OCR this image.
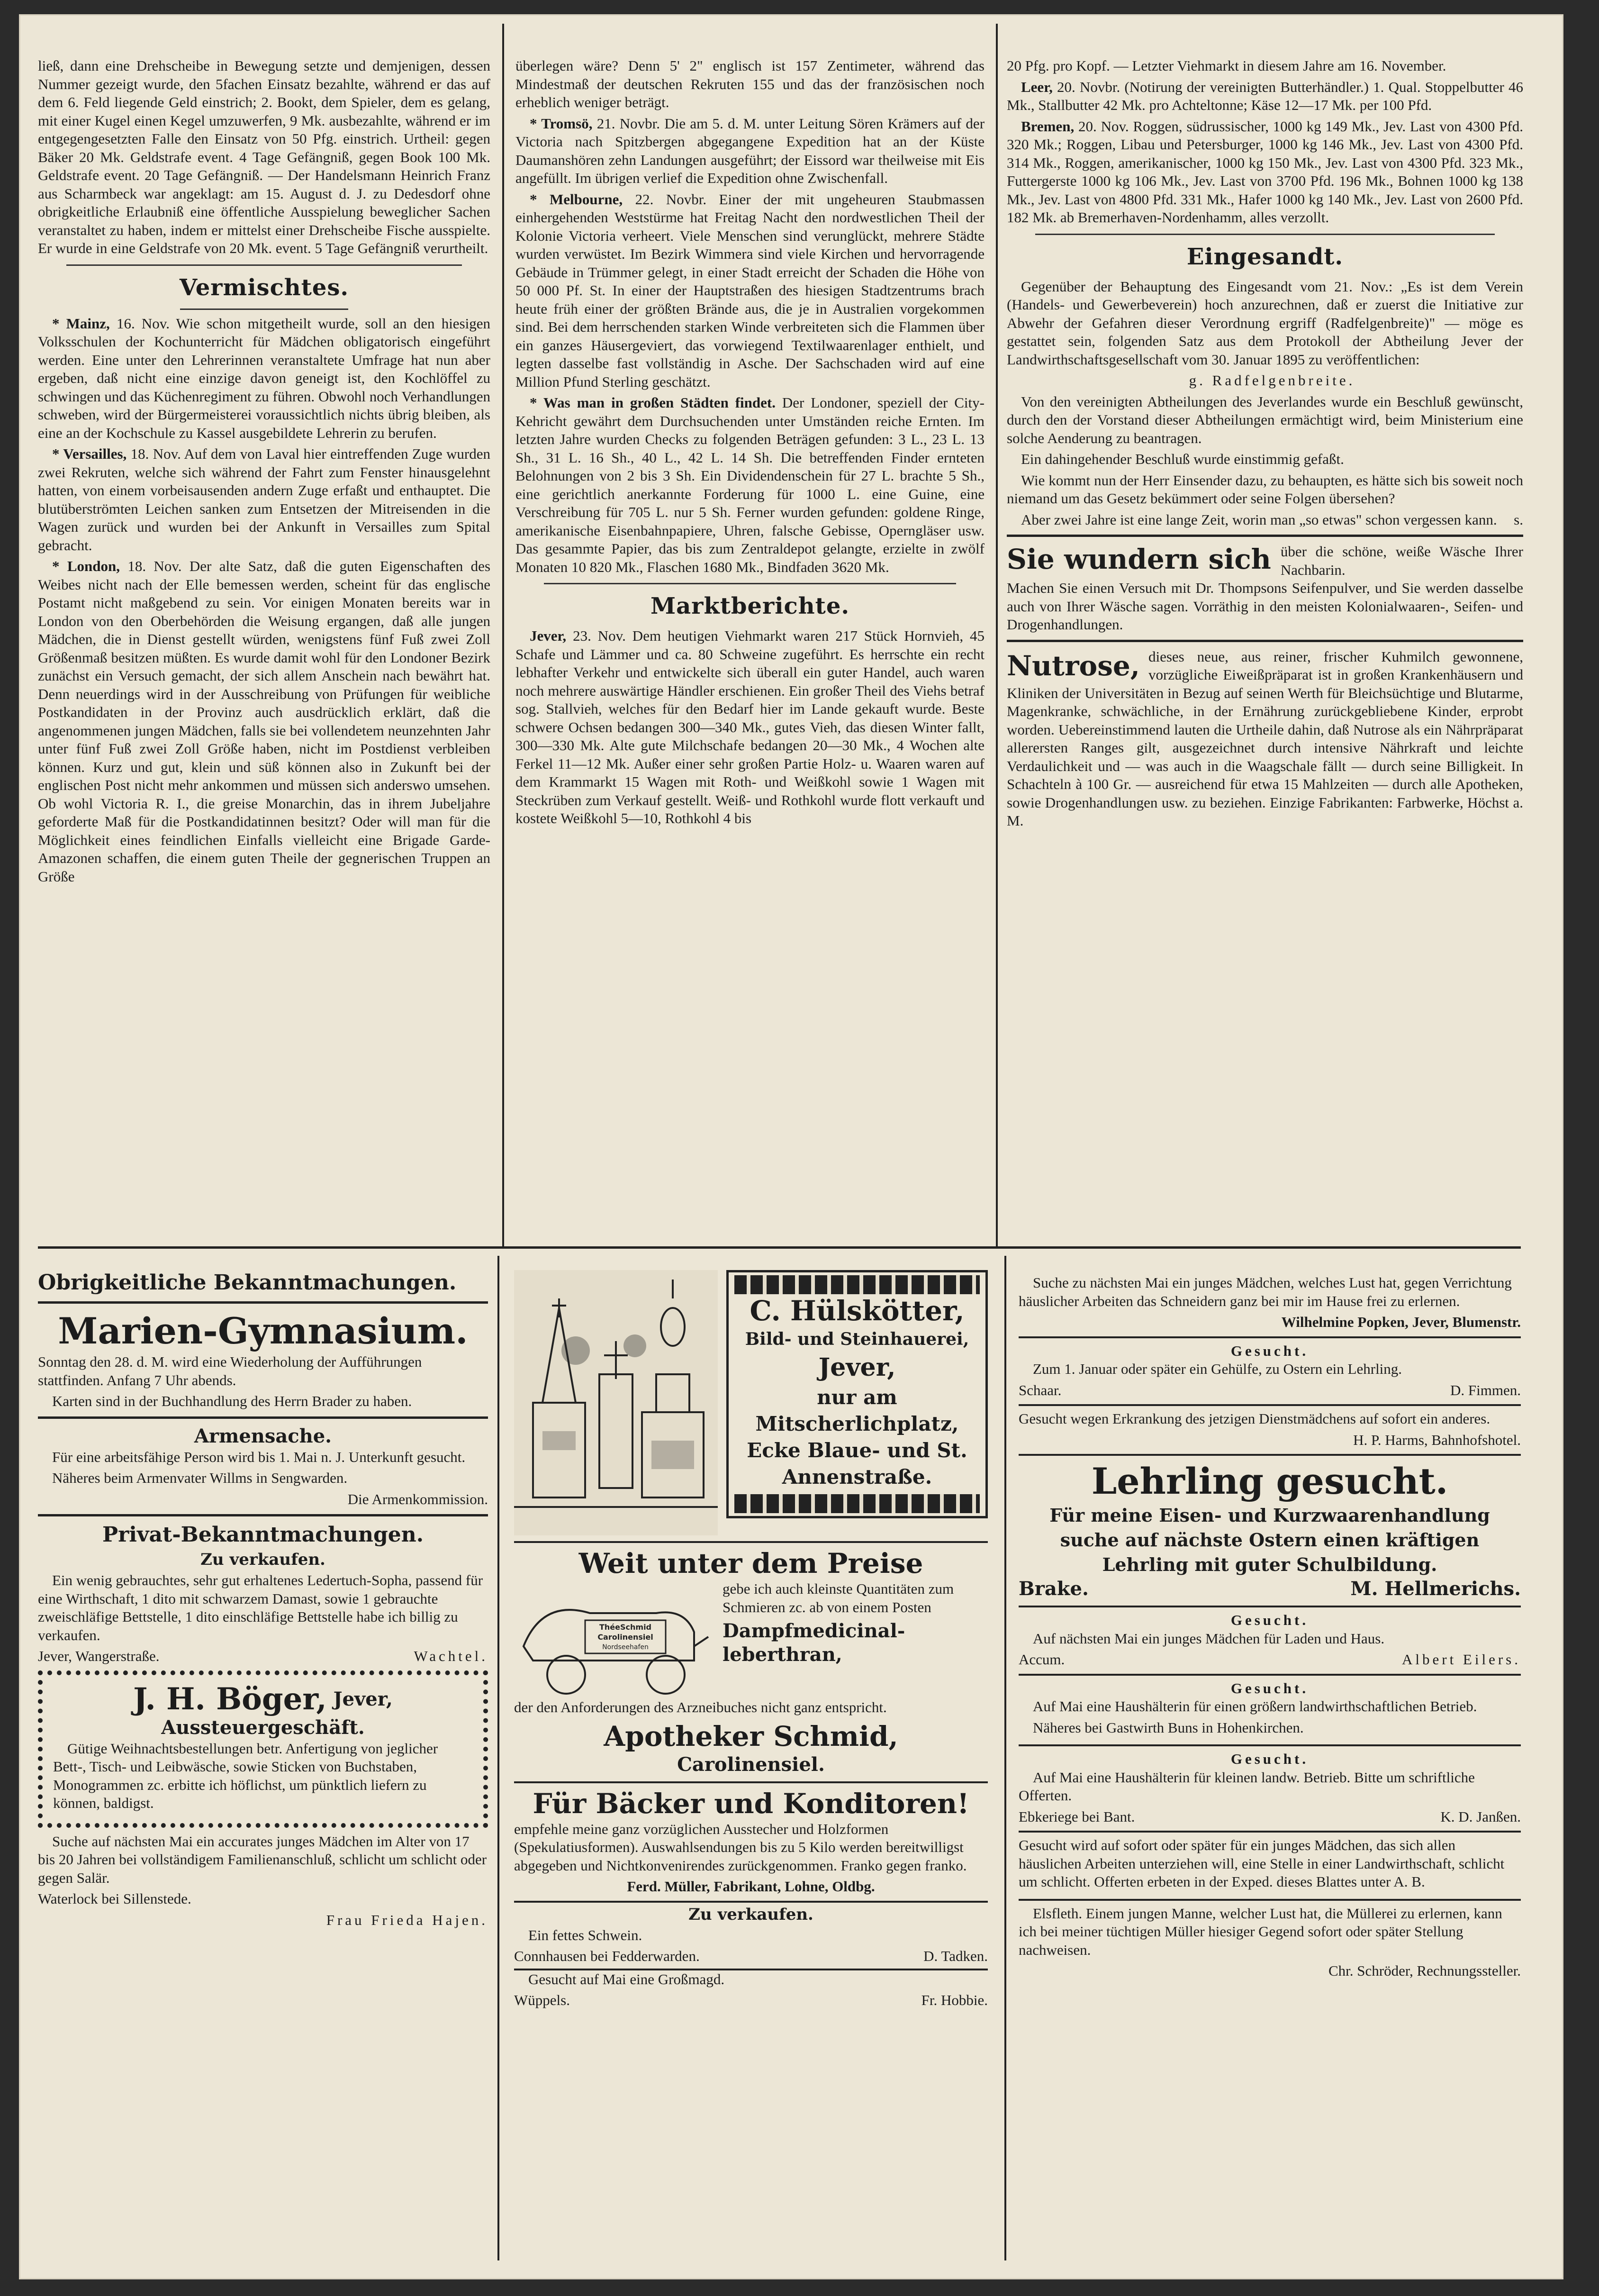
ließ, dann eine Drehscheibe in Bewegung setzte und demjenigen, dessen Nummer gezeigt wurde, den 5fachen Einsatz bezahlte, während er das auf dem 6. Feld liegende Geld einstrich; 2. Bookt, dem Spieler, dem es gelang, mit einer Kugel einen Kegel umzuwerfen, 9 Mk. ausbezahlte, während er im entgegengesetzten Falle den Einsatz von 50 Pfg. einstrich. Urtheil: gegen Bäker 20 Mk. Geldstrafe event. 4 Tage Gefängniß, gegen Book 100 Mk. Geldstrafe event. 20 Tage Gefängniß. — Der Handelsmann Heinrich Franz aus Scharmbeck war angeklagt: am 15. August d. J. zu Dedesdorf ohne obrigkeitliche Erlaubniß eine öffentliche Ausspielung beweglicher Sachen veranstaltet zu haben, indem er mittelst einer Drehscheibe Fische ausspielte. Er wurde in eine Geldstrafe von 20 Mk. event. 5 Tage Gefängniß verurtheilt.

Vermischtes.

* Mainz, 16. Nov. Wie schon mitgetheilt wurde, soll an den hiesigen Volksschulen der Kochunterricht für Mädchen obligatorisch eingeführt werden. Eine unter den Lehrerinnen veranstaltete Umfrage hat nun aber ergeben, daß nicht eine einzige davon geneigt ist, den Kochlöffel zu schwingen und das Küchenregiment zu führen. Obwohl noch Verhandlungen schweben, wird der Bürgermeisterei voraussichtlich nichts übrig bleiben, als eine an der Kochschule zu Kassel ausgebildete Lehrerin zu berufen.

* Versailles, 18. Nov. Auf dem von Laval hier eintreffenden Zuge wurden zwei Rekruten, welche sich während der Fahrt zum Fenster hinausgelehnt hatten, von einem vorbeisausenden andern Zuge erfaßt und enthauptet. Die blutüberströmten Leichen sanken zum Entsetzen der Mitreisenden in die Wagen zurück und wurden bei der Ankunft in Versailles zum Spital gebracht.

* London, 18. Nov. Der alte Satz, daß die guten Eigenschaften des Weibes nicht nach der Elle bemessen werden, scheint für das englische Postamt nicht maßgebend zu sein. Vor einigen Monaten bereits war in London von den Oberbehörden die Weisung ergangen, daß alle jungen Mädchen, die in Dienst gestellt würden, wenigstens fünf Fuß zwei Zoll Größenmaß besitzen müßten. Es wurde damit wohl für den Londoner Bezirk zunächst ein Versuch gemacht, der sich allem Anschein nach bewährt hat. Denn neuerdings wird in der Ausschreibung von Prüfungen für weibliche Postkandidaten in der Provinz auch ausdrücklich erklärt, daß die angenommenen jungen Mädchen, falls sie bei vollendetem neunzehnten Jahr unter fünf Fuß zwei Zoll Größe haben, nicht im Postdienst verbleiben können. Kurz und gut, klein und süß können also in Zukunft bei der englischen Post nicht mehr ankommen und müssen sich anderswo umsehen. Ob wohl Victoria R. I., die greise Monarchin, das in ihrem Jubeljahre geforderte Maß für die Postkandidatinnen besitzt? Oder will man für die Möglichkeit eines feindlichen Einfalls vielleicht eine Brigade Garde-Amazonen schaffen, die einem guten Theile der gegnerischen Truppen an Größe

überlegen wäre? Denn 5' 2" englisch ist 157 Zentimeter, während das Mindestmaß der deutschen Rekruten 155 und das der französischen noch erheblich weniger beträgt.

* Tromsö, 21. Novbr. Die am 5. d. M. unter Leitung Sören Krämers auf der Victoria nach Spitzbergen abgegangene Expedition hat an der Küste Daumanshören zehn Landungen ausgeführt; der Eissord war theilweise mit Eis angefüllt. Im übrigen verlief die Expedition ohne Zwischenfall.

* Melbourne, 22. Novbr. Einer der mit ungeheuren Staubmassen einhergehenden Weststürme hat Freitag Nacht den nordwestlichen Theil der Kolonie Victoria verheert. Viele Menschen sind verunglückt, mehrere Städte wurden verwüstet. Im Bezirk Wimmera sind viele Kirchen und hervorragende Gebäude in Trümmer gelegt, in einer Stadt erreicht der Schaden die Höhe von 50 000 Pf. St. In einer der Hauptstraßen des hiesigen Stadtzentrums brach heute früh einer der größten Brände aus, die je in Australien vorgekommen sind. Bei dem herrschenden starken Winde verbreiteten sich die Flammen über ein ganzes Häusergeviert, das vorwiegend Textilwaarenlager enthielt, und legten dasselbe fast vollständig in Asche. Der Sachschaden wird auf eine Million Pfund Sterling geschätzt.

* Was man in großen Städten findet. Der Londoner, speziell der City-Kehricht gewährt dem Durchsuchenden unter Umständen reiche Ernten. Im letzten Jahre wurden Checks zu folgenden Beträgen gefunden: 3 L., 23 L. 13 Sh., 31 L. 16 Sh., 40 L., 42 L. 14 Sh. Die betreffenden Finder ernteten Belohnungen von 2 bis 3 Sh. Ein Dividendenschein für 27 L. brachte 5 Sh., eine gerichtlich anerkannte Forderung für 1000 L. eine Guine, eine Verschreibung für 705 L. nur 5 Sh. Ferner wurden gefunden: goldene Ringe, amerikanische Eisenbahnpapiere, Uhren, falsche Gebisse, Operngläser usw. Das gesammte Papier, das bis zum Zentraldepot gelangte, erzielte in zwölf Monaten 10 820 Mk., Flaschen 1680 Mk., Bindfaden 3620 Mk.

Marktberichte.

Jever, 23. Nov. Dem heutigen Viehmarkt waren 217 Stück Hornvieh, 45 Schafe und Lämmer und ca. 80 Schweine zugeführt. Es herrschte ein recht lebhafter Verkehr und entwickelte sich überall ein guter Handel, auch waren noch mehrere auswärtige Händler erschienen. Ein großer Theil des Viehs betraf sog. Stallvieh, welches für den Bedarf hier im Lande gekauft wurde. Beste schwere Ochsen bedangen 300—340 Mk., gutes Vieh, das diesen Winter fallt, 300—330 Mk. Alte gute Milchschafe bedangen 20—30 Mk., 4 Wochen alte Ferkel 11—12 Mk. Außer einer sehr großen Partie Holz- u. Waaren waren auf dem Krammarkt 15 Wagen mit Roth- und Weißkohl sowie 1 Wagen mit Steckrüben zum Verkauf gestellt. Weiß- und Rothkohl wurde flott verkauft und kostete Weißkohl 5—10, Rothkohl 4 bis

20 Pfg. pro Kopf. — Letzter Viehmarkt in diesem Jahre am 16. November.

Leer, 20. Novbr. (Notirung der vereinigten Butterhändler.) 1. Qual. Stoppelbutter 46 Mk., Stallbutter 42 Mk. pro Achteltonne; Käse 12—17 Mk. per 100 Pfd.

Bremen, 20. Nov. Roggen, südrussischer, 1000 kg 149 Mk., Jev. Last von 4300 Pfd. 320 Mk.; Roggen, Libau und Petersburger, 1000 kg 146 Mk., Jev. Last von 4300 Pfd. 314 Mk., Roggen, amerikanischer, 1000 kg 150 Mk., Jev. Last von 4300 Pfd. 323 Mk., Futtergerste 1000 kg 106 Mk., Jev. Last von 3700 Pfd. 196 Mk., Bohnen 1000 kg 138 Mk., Jev. Last von 4800 Pfd. 331 Mk., Hafer 1000 kg 140 Mk., Jev. Last von 2600 Pfd. 182 Mk. ab Bremerhaven-Nordenhamm, alles verzollt.

Eingesandt.

Gegenüber der Behauptung des Eingesandt vom 21. Nov.: „Es ist dem Verein (Handels- und Gewerbeverein) hoch anzurechnen, daß er zuerst die Initiative zur Abwehr der Gefahren dieser Verordnung ergriff (Radfelgenbreite)" — möge es gestattet sein, folgenden Satz aus dem Protokoll der Abtheilung Jever der Landwirthschaftsgesellschaft vom 30. Januar 1895 zu veröffentlichen:

g. Radfelgenbreite.

Von den vereinigten Abtheilungen des Jeverlandes wurde ein Beschluß gewünscht, durch den der Vorstand dieser Abtheilungen ermächtigt wird, beim Ministerium eine solche Aenderung zu beantragen.

Ein dahingehender Beschluß wurde einstimmig gefaßt.

Wie kommt nun der Herr Einsender dazu, zu behaupten, es hätte sich bis soweit noch niemand um das Gesetz bekümmert oder seine Folgen übersehen?

Aber zwei Jahre ist eine lange Zeit, worin man „so etwas" schon vergessen kann.	s.

Sie wundern sich über die schöne, weiße Wäsche Ihrer Nachbarin.

Machen Sie einen Versuch mit Dr. Thompsons Seifenpulver, und Sie werden dasselbe auch von Ihrer Wäsche sagen. Vorräthig in den meisten Kolonialwaaren-, Seifen- und Drogenhandlungen.

Nutrose, dieses neue, aus reiner, frischer Kuhmilch gewonnene, vorzügliche Eiweißpräparat ist in großen Krankenhäusern und Kliniken der Universitäten in Bezug auf seinen Werth für Bleichsüchtige und Blutarme, Magenkranke, schwächliche, in der Ernährung zurückgebliebene Kinder, erprobt worden. Uebereinstimmend lauten die Urtheile dahin, daß Nutrose als ein Nährpräparat allerersten Ranges gilt, ausgezeichnet durch intensive Nährkraft und leichte Verdaulichkeit und — was auch in die Waagschale fällt — durch seine Billigkeit. In Schachteln à 100 Gr. — ausreichend für etwa 15 Mahlzeiten — durch alle Apotheken, sowie Drogenhandlungen usw. zu beziehen. Einzige Fabrikanten: Farbwerke, Höchst a. M.

Obrigkeitliche Bekanntmachungen.
Marien-Gymnasium.

Sonntag den 28. d. M. wird eine Wiederholung der Aufführungen stattfinden. Anfang 7 Uhr abends.

Karten sind in der Buchhandlung des Herrn Brader zu haben.

Armensache.

Für eine arbeitsfähige Person wird bis 1. Mai n. J. Unterkunft gesucht.

Näheres beim Armenvater Willms in Sengwarden.

Die Armenkommission.
Privat-Bekanntmachungen.
Zu verkaufen.

Ein wenig gebrauchtes, sehr gut erhaltenes Ledertuch-Sopha, passend für eine Wirthschaft, 1 dito mit schwarzem Damast, sowie 1 gebrauchte zweischläfige Bettstelle, 1 dito einschläfige Bettstelle habe ich billig zu verkaufen.

Jever, Wangerstraße.	Wachtel.
J. H. Böger, Jever,
Aussteuergeschäft.

Gütige Weihnachtsbestellungen betr. Anfertigung von jeglicher Bett-, Tisch- und Leibwäsche, sowie Sticken von Buchstaben, Monogrammen zc. erbitte ich höflichst, um pünktlich liefern zu können, baldigst.

Suche auf nächsten Mai ein accurates junges Mädchen im Alter von 17 bis 20 Jahren bei vollständigem Familienanschluß, schlicht um schlicht oder gegen Salär.

Waterlock bei Sillenstede.

Frau Frieda Hajen.
C. Hülskötter,
Bild- und Steinhauerei,
Jever,
nur am Mitscherlichplatz, Ecke Blaue- und St. Annenstraße.
Weit unter dem Preise
ThéeSchmid
Carolinensiel
Nordseehafen

gebe ich auch kleinste Quantitäten zum Schmieren zc. ab von einem Posten

Dampfmedicinal-leberthran,

der den Anforderungen des Arzneibuches nicht ganz entspricht.

Apotheker Schmid,
Carolinensiel.
Für Bäcker und Konditoren!

empfehle meine ganz vorzüglichen Ausstecher und Holzformen (Spekulatiusformen). Auswahlsendungen bis zu 5 Kilo werden bereitwilligst abgegeben und Nichtkonvenirendes zurückgenommen. Franko gegen franko.

Ferd. Müller, Fabrikant, Lohne, Oldbg.
Zu verkaufen.

Ein fettes Schwein.

Connhausen bei Fedderwarden.	D. Tadken.

Gesucht auf Mai eine Großmagd.

Wüppels.	Fr. Hobbie.

Suche zu nächsten Mai ein junges Mädchen, welches Lust hat, gegen Verrichtung häuslicher Arbeiten das Schneidern ganz bei mir im Hause frei zu erlernen.

Wilhelmine Popken, Jever, Blumenstr.
Gesucht.

Zum 1. Januar oder später ein Gehülfe, zu Ostern ein Lehrling.

Schaar.	D. Fimmen.

Gesucht wegen Erkrankung des jetzigen Dienstmädchens auf sofort ein anderes.

H. P. Harms, Bahnhofshotel.
Lehrling gesucht.
Für meine Eisen- und Kurzwaarenhandlung suche auf nächste Ostern einen kräftigen Lehrling mit guter Schulbildung.
Brake.	M. Hellmerichs.
Gesucht.

Auf nächsten Mai ein junges Mädchen für Laden und Haus.

Accum.	Albert Eilers.
Gesucht.

Auf Mai eine Haushälterin für einen größern landwirthschaftlichen Betrieb.

Näheres bei Gastwirth Buns in Hohenkirchen.

Gesucht.

Auf Mai eine Haushälterin für kleinen landw. Betrieb. Bitte um schriftliche Offerten.

Ebkeriege bei Bant.	K. D. Janßen.

Gesucht wird auf sofort oder später für ein junges Mädchen, das sich allen häuslichen Arbeiten unterziehen will, eine Stelle in einer Landwirthschaft, schlicht um schlicht. Offerten erbeten in der Exped. dieses Blattes unter A. B.

Elsfleth. Einem jungen Manne, welcher Lust hat, die Müllerei zu erlernen, kann ich bei meiner tüchtigen Müller hiesiger Gegend sofort oder später Stellung nachweisen.

Chr. Schröder, Rechnungssteller.
